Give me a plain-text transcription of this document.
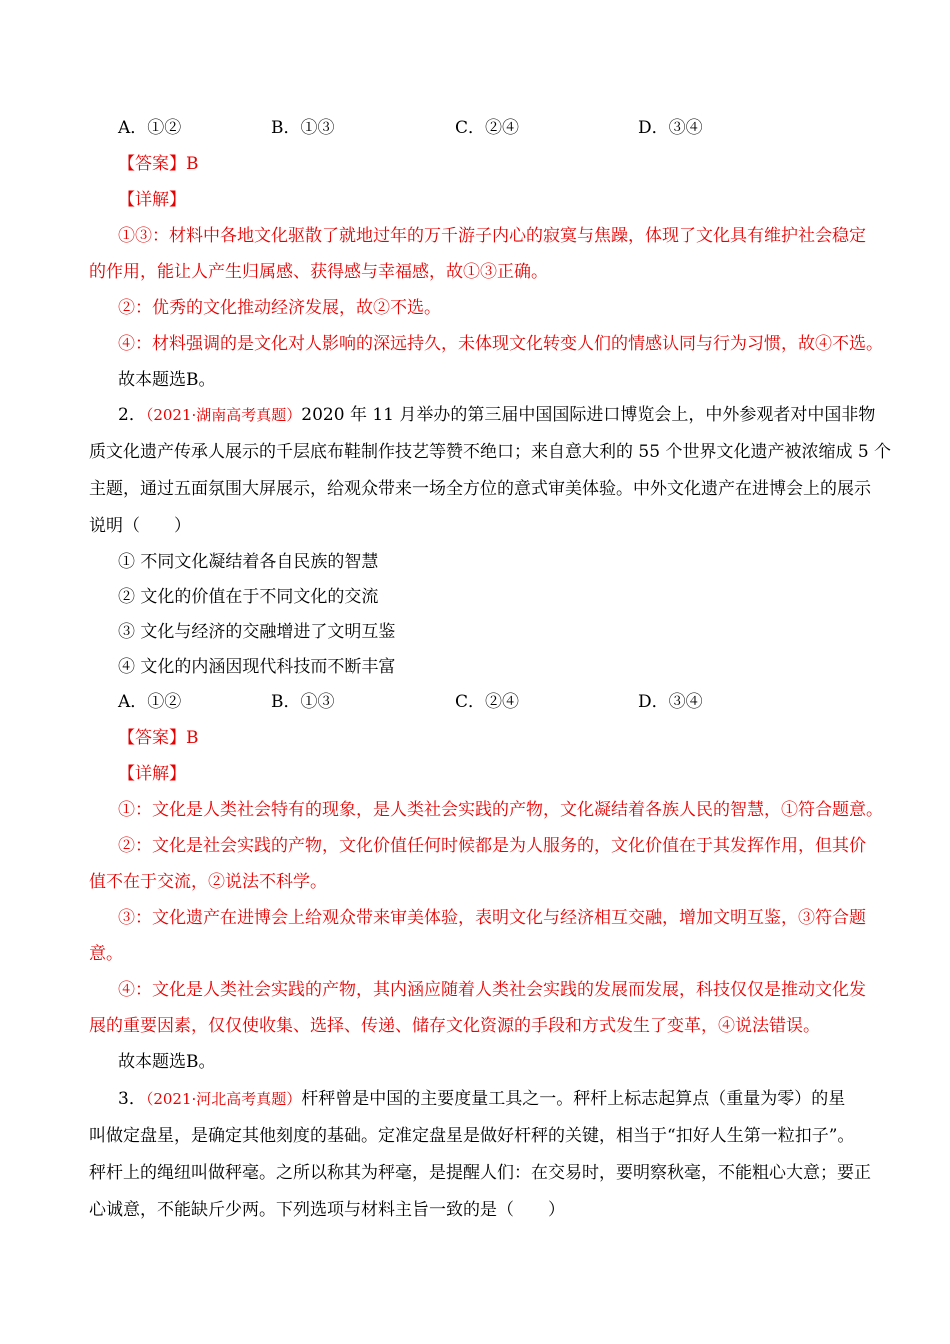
A．①②	B．①③	C．②④	D．③④
【答案】B
【详解】
①③：材料中各地文化驱散了就地过年的万千游子内心的寂寞与焦躁，体现了文化具有维护社会稳定
的作用，能让人产生归属感、获得感与幸福感，故①③正确。
②：优秀的文化推动经济发展，故②不选。
④：材料强调的是文化对人影响的深远持久，未体现文化转变人们的情感认同与行为习惯，故④不选。
故本题选B。
2．（2021·湖南高考真题）2020 年 11 月举办的第三届中国国际进口博览会上，中外参观者对中国非物
质文化遗产传承人展示的千层底布鞋制作技艺等赞不绝口；来自意大利的 55 个世界文化遗产被浓缩成 5 个
主题，通过五面氛围大屏展示，给观众带来一场全方位的意式审美体验。中外文化遗产在进博会上的展示
说明（　　）
① 不同文化凝结着各自民族的智慧
② 文化的价值在于不同文化的交流
③ 文化与经济的交融增进了文明互鉴
④ 文化的内涵因现代科技而不断丰富
A．①②	B．①③	C．②④	D．③④
【答案】B
【详解】
①：文化是人类社会特有的现象，是人类社会实践的产物，文化凝结着各族人民的智慧，①符合题意。
②：文化是社会实践的产物，文化价值任何时候都是为人服务的，文化价值在于其发挥作用，但其价
值不在于交流，②说法不科学。
③：文化遗产在进博会上给观众带来审美体验，表明文化与经济相互交融，增加文明互鉴，③符合题
意。
④：文化是人类社会实践的产物，其内涵应随着人类社会实践的发展而发展，科技仅仅是推动文化发
展的重要因素，仅仅使收集、选择、传递、储存文化资源的手段和方式发生了变革，④说法错误。
故本题选B。
3．（2021·河北高考真题）杆秤曾是中国的主要度量工具之一。秤杆上标志起算点（重量为零）的星
叫做定盘星，是确定其他刻度的基础。定准定盘星是做好杆秤的关键，相当于“扣好人生第一粒扣子”。
秤杆上的绳纽叫做秤毫。之所以称其为秤毫，是提醒人们：在交易时，要明察秋毫，不能粗心大意；要正
心诚意，不能缺斤少两。下列选项与材料主旨一致的是（　　）
